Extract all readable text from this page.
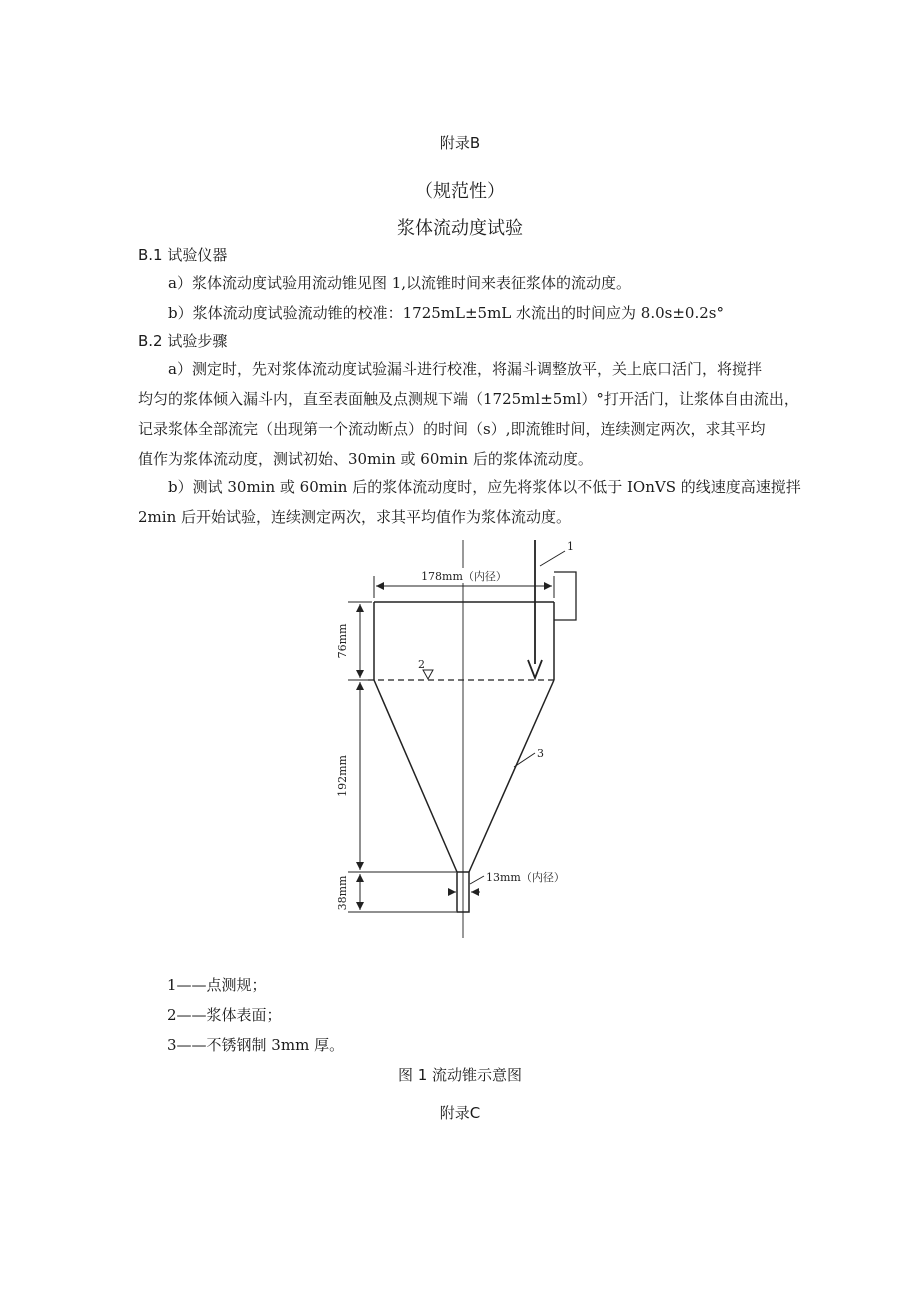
附录B
（规范性）
浆体流动度试验
B.1 试验仪器
a）浆体流动度试验用流动锥见图 1,以流锥时间来表征浆体的流动度。
b）浆体流动度试验流动锥的校准：1725mL±5mL 水流出的时间应为 8.0s±0.2s°
B.2 试验步骤
a）测定时，先对浆体流动度试验漏斗进行校准，将漏斗调整放平，关上底口活门，将搅拌
均匀的浆体倾入漏斗内，直至表面触及点测规下端（1725ml±5ml）°打开活门，让浆体自由流出，
记录浆体全部流完（出现第一个流动断点）的时间（s）,即流锥时间，连续测定两次，求其平均
值作为浆体流动度，测试初始、30min 或 60min 后的浆体流动度。
b）测试 30min 或 60min 后的浆体流动度时，应先将浆体以不低于 IOnVS 的线速度高速搅拌
2min 后开始试验，连续测定两次，求其平均值作为浆体流动度。
178mm（内径）
76mm
192mm
38mm	13mm（内径）
1
2
3
1——点测规；
2——浆体表面；
3——不锈钢制 3mm 厚。
图 1 流动锥示意图
附录C
